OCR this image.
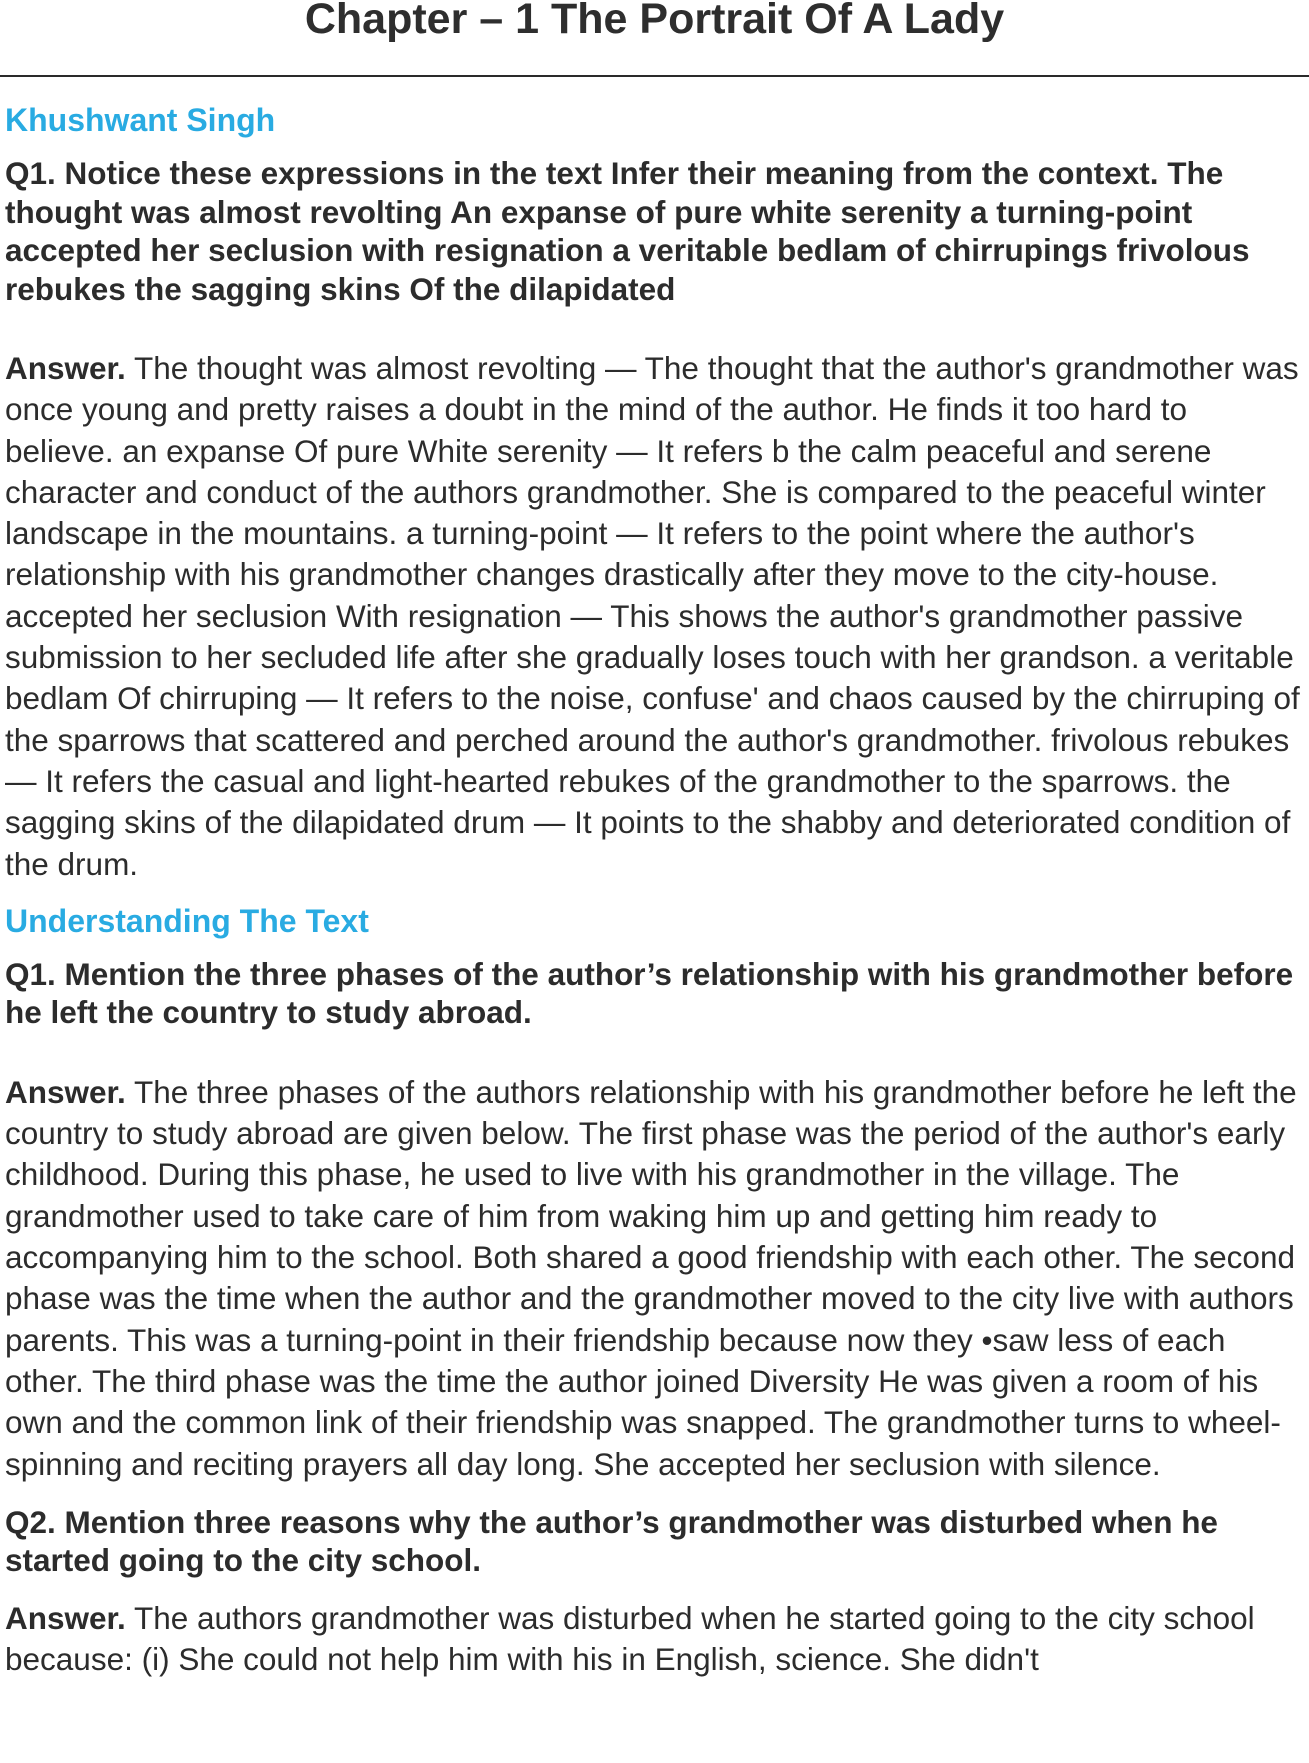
Chapter – 1 The Portrait Of A Lady
Khushwant Singh

Q1. Notice these expressions in the text Infer their meaning from the context. The thought was almost revolting An expanse of pure white serenity a turning-point accepted her seclusion with resignation a veritable bedlam of chirrupings frivolous rebukes the sagging skins Of the dilapidated

Answer. The thought was almost revolting — The thought that the author's grandmother was once young and pretty raises a doubt in the mind of the author. He finds it too hard to believe. an expanse Of pure White serenity — It refers b the calm peaceful and serene character and conduct of the authors grandmother. She is compared to the peaceful winter landscape in the mountains. a turning-point — It refers to the point where the author's relationship with his grandmother changes drastically after they move to the city-house. accepted her seclusion With resignation — This shows the author's grandmother passive submission to her secluded life after she gradually loses touch with her grandson. a veritable bedlam Of chirruping — It refers to the noise, confuse' and chaos caused by the chirruping of the sparrows that scattered and perched around the author's grandmother. frivolous rebukes — It refers the casual and light-hearted rebukes of the grandmother to the sparrows. the sagging skins of the dilapidated drum — It points to the shabby and deteriorated condition of the drum.

Understanding The Text

Q1. Mention the three phases of the author’s relationship with his grandmother before he left the country to study abroad.

Answer. The three phases of the authors relationship with his grandmother before he left the country to study abroad are given below. The first phase was the period of the author's early childhood. During this phase, he used to live with his grandmother in the village. The grandmother used to take care of him from waking him up and getting him ready to accompanying him to the school. Both shared a good friendship with each other. The second phase was the time when the author and the grandmother moved to the city live with authors parents. This was a turning-point in their friendship because now they •saw less of each other. The third phase was the time the author joined Diversity He was given a room of his own and the common link of their friendship was snapped. The grandmother turns to wheel-spinning and reciting prayers all day long. She accepted her seclusion with silence.

Q2. Mention three reasons why the author’s grandmother was disturbed when he started going to the city school.

Answer. The authors grandmother was disturbed when he started going to the city school because: (i) She could not help him with his in English, science. She didn't
